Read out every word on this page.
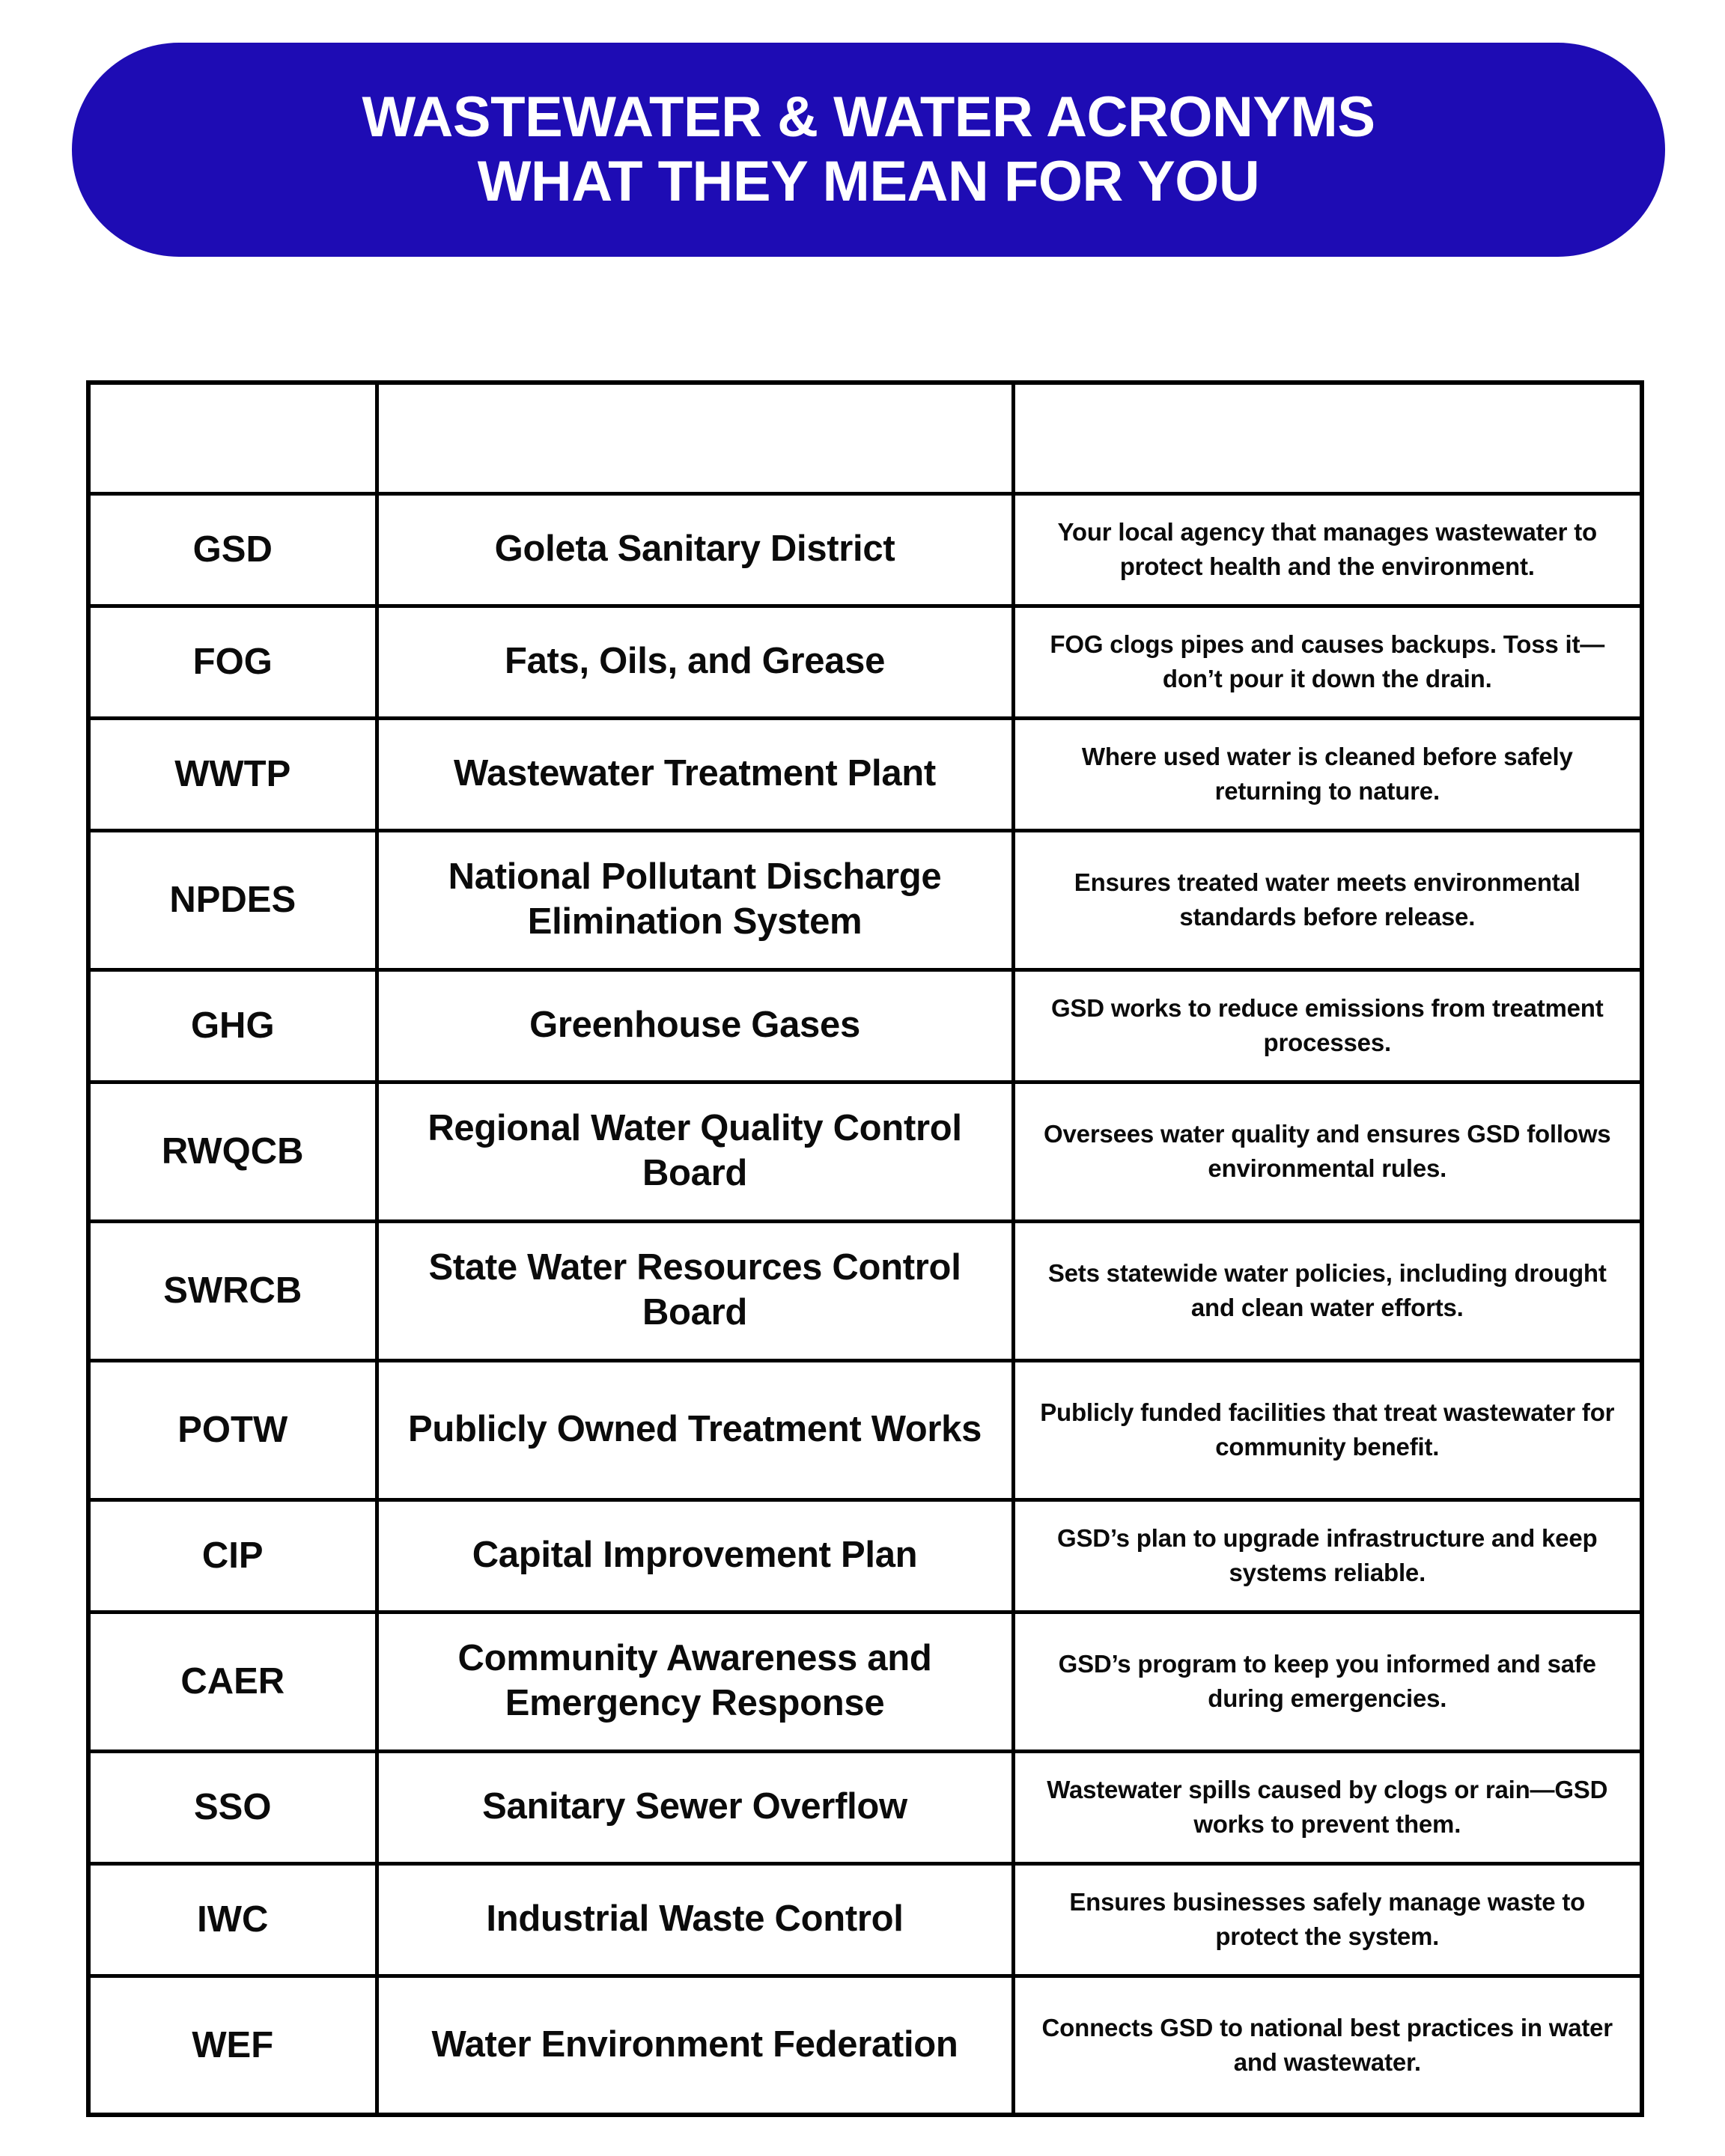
WASTEWATER & WATER ACRONYMS
WHAT THEY MEAN FOR YOU
Acronym	What is Stands For	Why it Matters to You
GSD	Goleta Sanitary District	Your local agency that manages wastewater to protect health and the environment.
FOG	Fats, Oils, and Grease	FOG clogs pipes and causes backups. Toss it—don’t pour it down the drain.
WWTP	Wastewater Treatment Plant	Where used water is cleaned before safely returning to nature.
NPDES	National Pollutant Discharge Elimination System	Ensures treated water meets environmental standards before release.
GHG	Greenhouse Gases	GSD works to reduce emissions from treatment processes.
RWQCB	Regional Water Quality Control Board	Oversees water quality and ensures GSD follows environmental rules.
SWRCB	State Water Resources Control Board	Sets statewide water policies, including drought and clean water efforts.
POTW	Publicly Owned Treatment Works	Publicly funded facilities that treat wastewater for community benefit.
CIP	Capital Improvement Plan	GSD’s plan to upgrade infrastructure and keep systems reliable.
CAER	Community Awareness and Emergency Response	GSD’s program to keep you informed and safe during emergencies.
SSO	Sanitary Sewer Overflow	Wastewater spills caused by clogs or rain—GSD works to prevent them.
IWC	Industrial Waste Control	Ensures businesses safely manage waste to protect the system.
WEF	Water Environment Federation	Connects GSD to national best practices in water and wastewater.
